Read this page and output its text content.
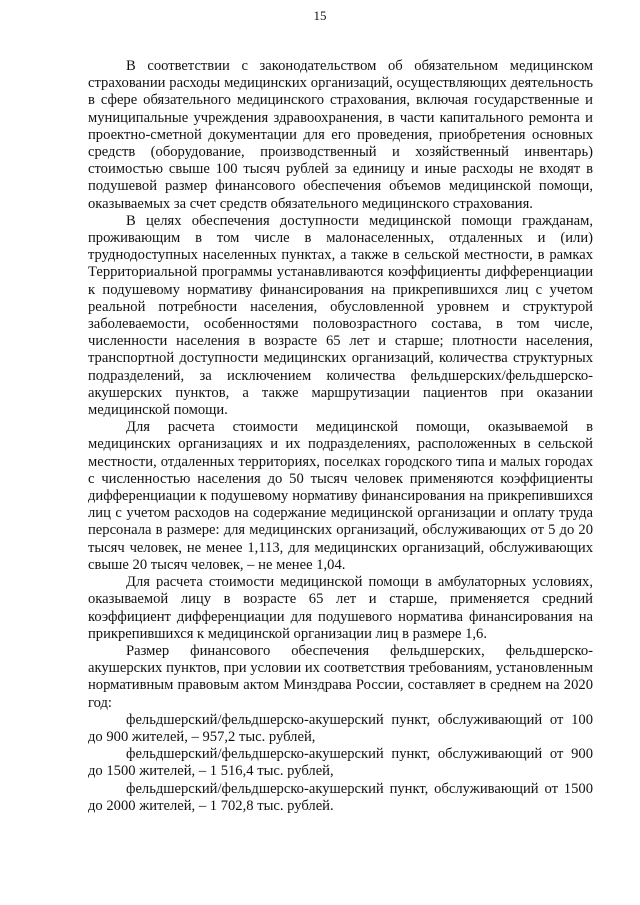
15

В соответствии с законодательством об обязательном медицинском страховании расходы медицинских организаций, осуществляющих деятельность в сфере обязательного медицинского страхования, включая государственные и муниципальные учреждения здравоохранения, в части капитального ремонта и проектно-сметной документации для его проведения, приобретения основных средств (оборудование, производственный и хозяйственный инвентарь) стоимостью свыше 100 тысяч рублей за единицу и иные расходы не входят в подушевой размер финансового обеспечения объемов медицинской помощи, оказываемых за счет средств обязательного медицинского страхования.

В целях обеспечения доступности медицинской помощи гражданам, проживающим в том числе в малонаселенных, отдаленных и (или) труднодоступных населенных пунктах, а также в сельской местности, в рамках Территориальной программы устанавливаются коэффициенты дифференциации к подушевому нормативу финансирования на прикрепившихся лиц с учетом реальной потребности населения, обусловленной уровнем и структурой заболеваемости, особенностями половозрастного состава, в том числе, численности населения в возрасте 65 лет и старше; плотности населения, транспортной доступности медицинских организаций, количества структурных подразделений, за исключением количества фельдшерских/фельдшерско-акушерских пунктов, а также маршрутизации пациентов при оказании медицинской помощи.

Для расчета стоимости медицинской помощи, оказываемой в медицинских организациях и их подразделениях, расположенных в сельской местности, отдаленных территориях, поселках городского типа и малых городах с численностью населения до 50 тысяч человек применяются коэффициенты дифференциации к подушевому нормативу финансирования на прикрепившихся лиц с учетом расходов на содержание медицинской организации и оплату труда персонала в размере: для медицинских организаций, обслуживающих от 5 до 20 тысяч человек, не менее 1,113, для медицинских организаций, обслуживающих свыше 20 тысяч человек, – не менее 1,04.

Для расчета стоимости медицинской помощи в амбулаторных условиях, оказываемой лицу в возрасте 65 лет и старше, применяется средний коэффициент дифференциации для подушевого норматива финансирования на прикрепившихся к медицинской организации лиц в размере 1,6.

Размер финансового обеспечения фельдшерских, фельдшерско-акушерских пунктов, при условии их соответствия требованиям, установленным нормативным правовым актом Минздрава России, составляет в среднем на 2020 год:

фельдшерский/фельдшерско-акушерский пункт, обслуживающий от 100 до 900 жителей, – 957,2 тыс. рублей,

фельдшерский/фельдшерско-акушерский пункт, обслуживающий от 900 до 1500 жителей, – 1 516,4 тыс. рублей,

фельдшерский/фельдшерско-акушерский пункт, обслуживающий от 1500 до 2000 жителей, – 1 702,8 тыс. рублей.
